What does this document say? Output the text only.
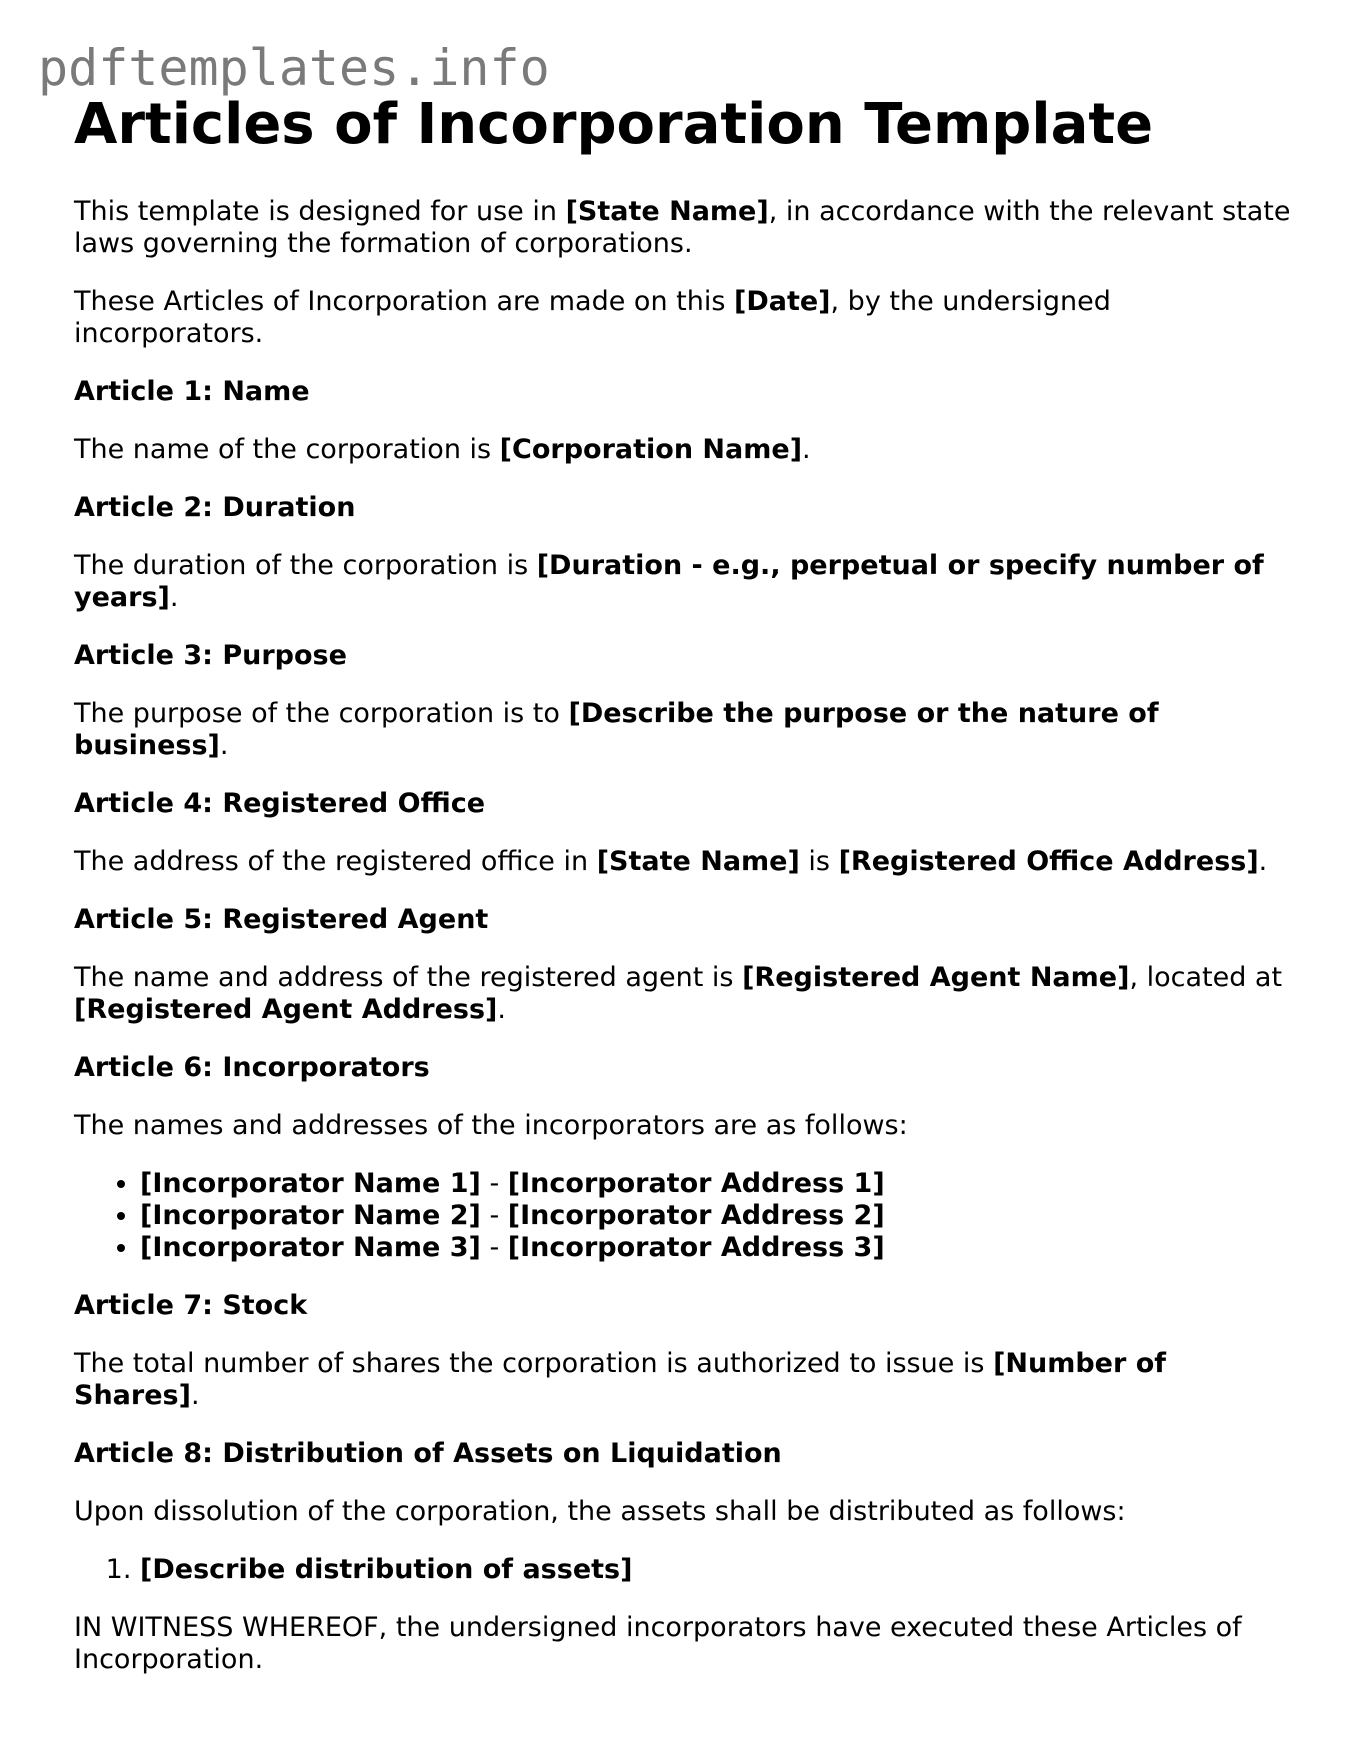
pdftemplates.info
Articles of Incorporation Template

This template is designed for use in [State Name], in accordance with the relevant state laws governing the formation of corporations.

These Articles of Incorporation are made on this [Date], by the undersigned incorporators.

Article 1: Name

The name of the corporation is [Corporation Name].

Article 2: Duration

The duration of the corporation is [Duration - e.g., perpetual or specify number of years].

Article 3: Purpose

The purpose of the corporation is to [Describe the purpose or the nature of business].

Article 4: Registered Office

The address of the registered office in [State Name] is [Registered Office Address].

Article 5: Registered Agent

The name and address of the registered agent is [Registered Agent Name], located at [Registered Agent Address].

Article 6: Incorporators

The names and addresses of the incorporators are as follows:

• [Incorporator Name 1] - [Incorporator Address 1]
• [Incorporator Name 2] - [Incorporator Address 2]
• [Incorporator Name 3] - [Incorporator Address 3]

Article 7: Stock

The total number of shares the corporation is authorized to issue is [Number of Shares].

Article 8: Distribution of Assets on Liquidation

Upon dissolution of the corporation, the assets shall be distributed as follows:

1. [Describe distribution of assets]

IN WITNESS WHEREOF, the undersigned incorporators have executed these Articles of Incorporation.
